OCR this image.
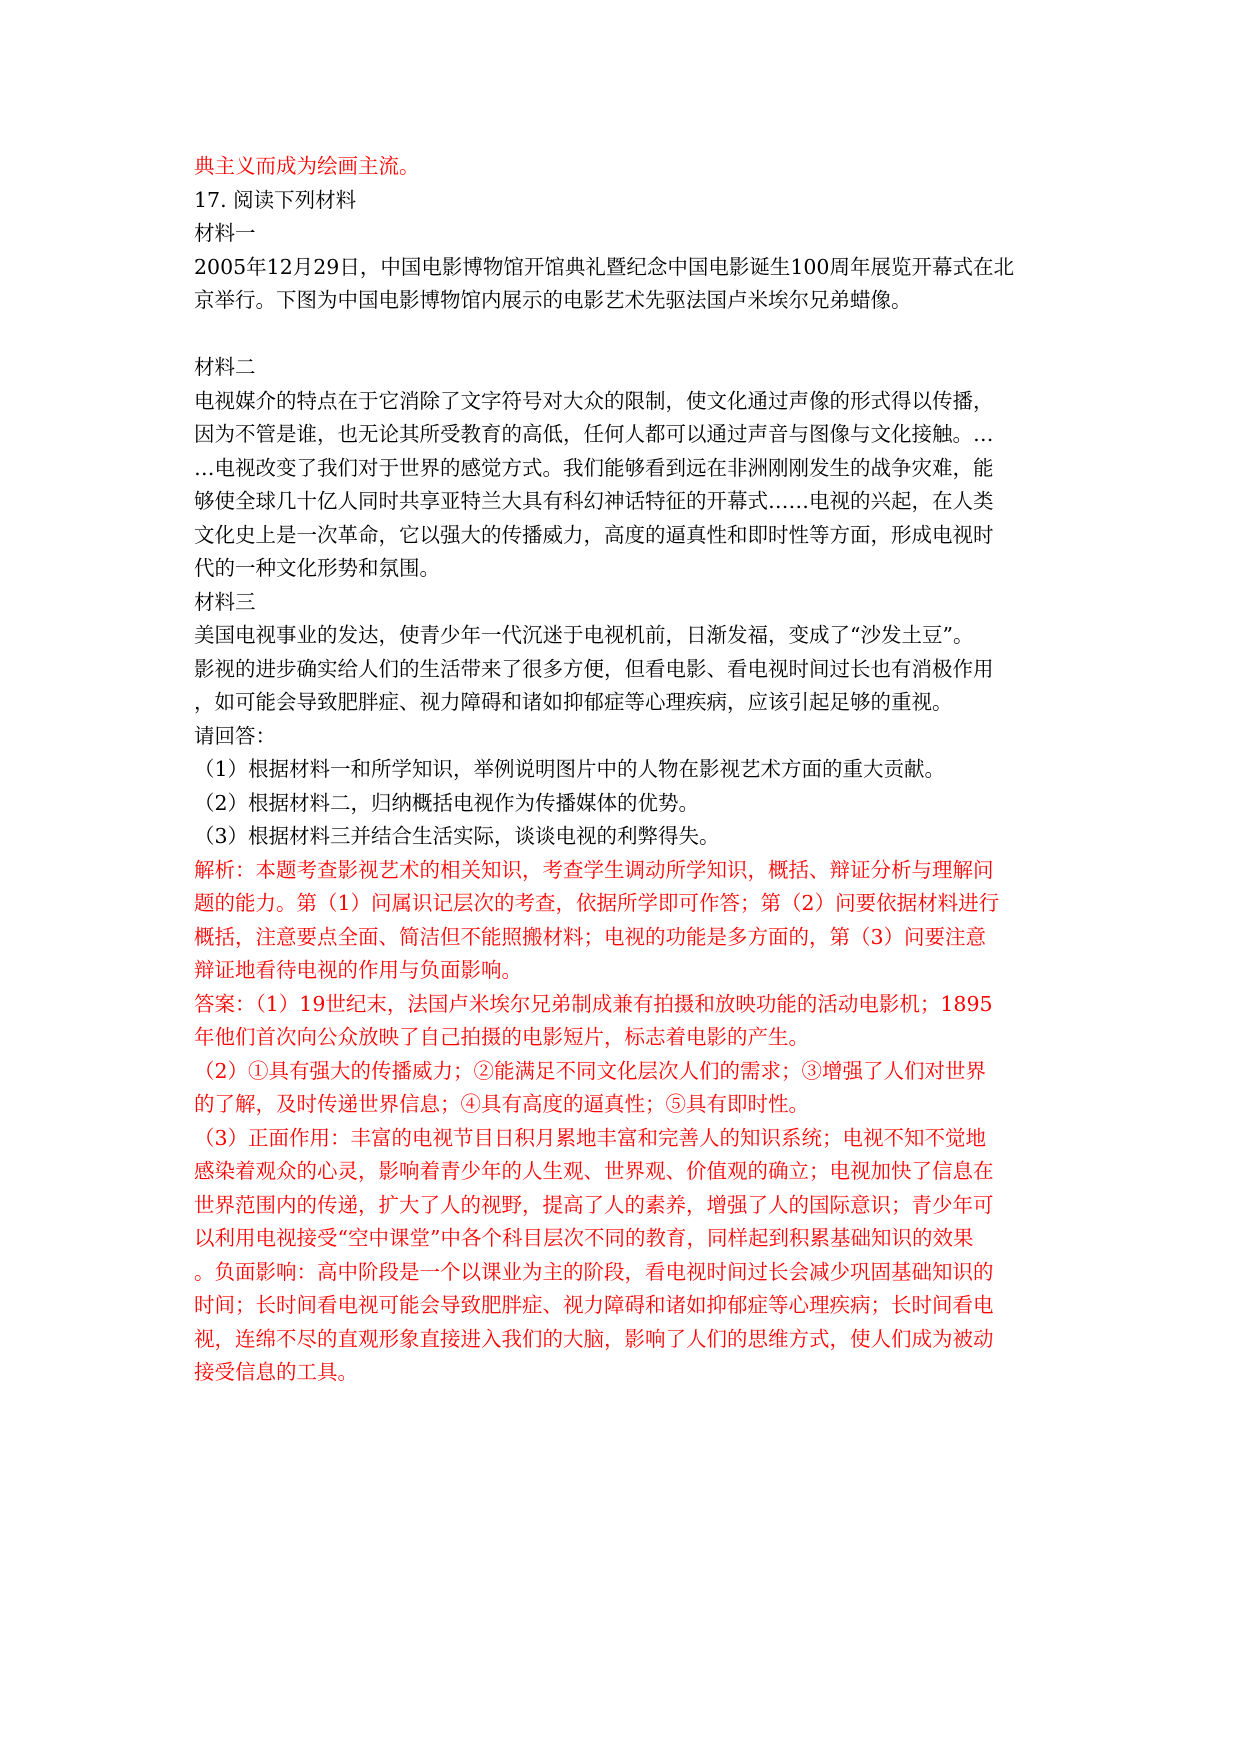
典主义而成为绘画主流。
17. 阅读下列材料
材料一
2005年12月29日，中国电影博物馆开馆典礼暨纪念中国电影诞生100周年展览开幕式在北
京举行。下图为中国电影博物馆内展示的电影艺术先驱法国卢米埃尔兄弟蜡像。
材料二
电视媒介的特点在于它消除了文字符号对大众的限制，使文化通过声像的形式得以传播，
因为不管是谁，也无论其所受教育的高低，任何人都可以通过声音与图像与文化接触。…
…电视改变了我们对于世界的感觉方式。我们能够看到远在非洲刚刚发生的战争灾难，能
够使全球几十亿人同时共享亚特兰大具有科幻神话特征的开幕式……电视的兴起，在人类
文化史上是一次革命，它以强大的传播威力，高度的逼真性和即时性等方面，形成电视时
代的一种文化形势和氛围。
材料三
美国电视事业的发达，使青少年一代沉迷于电视机前，日渐发福，变成了“沙发土豆”。
影视的进步确实给人们的生活带来了很多方便，但看电影、看电视时间过长也有消极作用
，如可能会导致肥胖症、视力障碍和诸如抑郁症等心理疾病，应该引起足够的重视。
请回答：
（1）根据材料一和所学知识，举例说明图片中的人物在影视艺术方面的重大贡献。
（2）根据材料二，归纳概括电视作为传播媒体的优势。
（3）根据材料三并结合生活实际，谈谈电视的利弊得失。
解析：本题考查影视艺术的相关知识，考查学生调动所学知识，概括、辩证分析与理解问
题的能力。第（1）问属识记层次的考查，依据所学即可作答；第（2）问要依据材料进行
概括，注意要点全面、简洁但不能照搬材料；电视的功能是多方面的，第（3）问要注意
辩证地看待电视的作用与负面影响。
答案：（1）19世纪末，法国卢米埃尔兄弟制成兼有拍摄和放映功能的活动电影机；1895
年他们首次向公众放映了自己拍摄的电影短片，标志着电影的产生。
（2）①具有强大的传播威力；②能满足不同文化层次人们的需求；③增强了人们对世界
的了解，及时传递世界信息；④具有高度的逼真性；⑤具有即时性。
（3）正面作用：丰富的电视节目日积月累地丰富和完善人的知识系统；电视不知不觉地
感染着观众的心灵，影响着青少年的人生观、世界观、价值观的确立；电视加快了信息在
世界范围内的传递，扩大了人的视野，提高了人的素养，增强了人的国际意识；青少年可
以利用电视接受“空中课堂”中各个科目层次不同的教育，同样起到积累基础知识的效果
。负面影响：高中阶段是一个以课业为主的阶段，看电视时间过长会减少巩固基础知识的
时间；长时间看电视可能会导致肥胖症、视力障碍和诸如抑郁症等心理疾病；长时间看电
视，连绵不尽的直观形象直接进入我们的大脑，影响了人们的思维方式，使人们成为被动
接受信息的工具。
